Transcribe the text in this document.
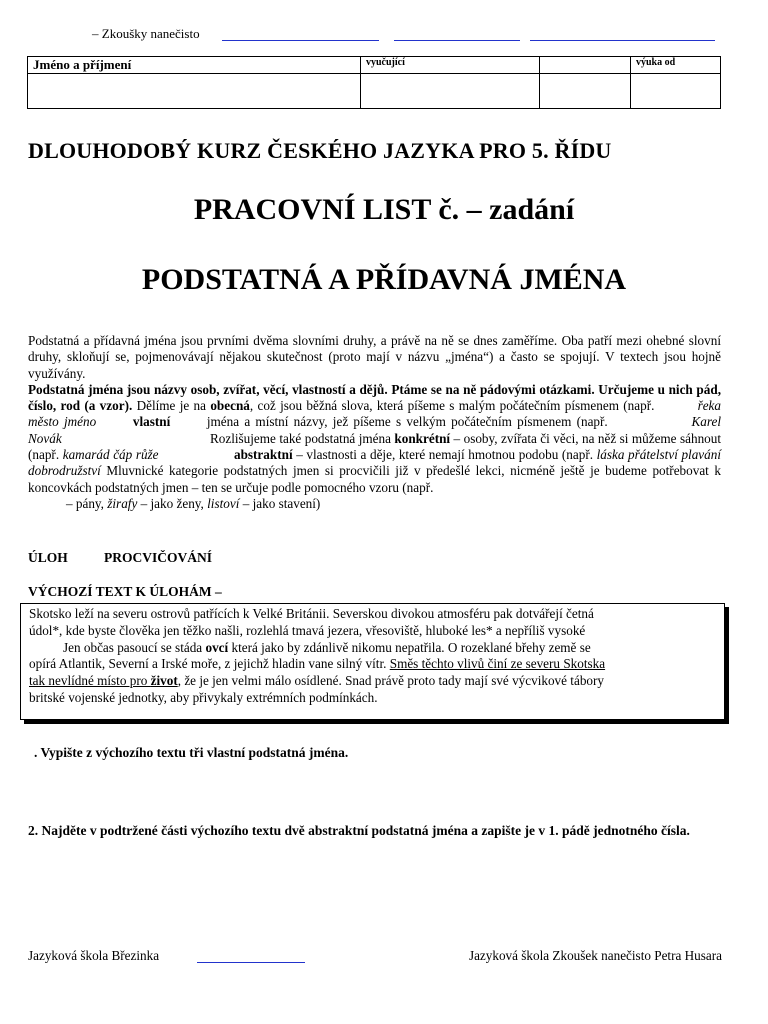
– Zkoušky nanečisto
Jméno a příjmení	vyučující		výuka od

DLOUHODOBÝ KURZ ČESKÉHO JAZYKA PRO 5. ŘÍDU
PRACOVNÍ LIST č. – zadání
PODSTATNÁ A PŘÍDAVNÁ JMÉNA

Podstatná a přídavná jména jsou prvními dvěma slovními druhy, a právě na ně se dnes zaměříme. Oba patří mezi ohebné slovní druhy, skloňují se, pojmenovávají nějakou skutečnost (proto mají v názvu „jména“) a často se spojují. V textech jsou hojně využívány.

Podstatná jména jsou názvy osob, zvířat, věcí, vlastností a dějů. Ptáme se na ně pádovými otázkami. Určujeme u nich pád, číslo, rod (a vzor). Dělíme je na obecná, což jsou běžná slova, která píšeme s malým počátečním písmenem (např.	řeka město jméno	vlastní	jména a místní názvy, jež píšeme s velkým počátečním písmenem (např.	Karel Novák	Rozlišujeme také podstatná jména konkrétní – osoby, zvířata či věci, na něž si můžeme sáhnout (např. kamarád čáp růže	abstraktní – vlastnosti a děje, které nemají hmotnou podobu (např. láska přátelství plavání dobrodružství Mluvnické kategorie podstatných jmen si procvičili jiz̆ v předešlé lekci, nicméně ještě je budeme potřebovat k koncovkách podstatných jmen – ten se určuje podle pomocného vzoru (např.

– pány, žirafy – jako ženy, listoví – jako stavení)

ÚLOH	PROCVIČOVÁNÍ
VÝCHOZÍ TEXT K ÚLOHÁM –

Skotsko leží na severu ostrovů patřících k Velké Británii. Severskou divokou atmosféru pak dotvářejí četná

údol*, kde byste člověka jen těžko našli, rozlehlá tmavá jezera, vřesoviště, hluboké les* a nepříliš vysoké

Jen občas pasoucí se stáda ovcí která jako by zdánlivě nikomu nepatřila. O rozeklané břehy země se

opírá Atlantik, Severní a Irské moře, z jejichž hladin vane silný vítr. Směs těchto vlivů činí ze severu Skotska

tak nevlídné místo pro život, že je jen velmi málo osídlené. Snad právě proto tady mají své výcvikové tábory

britské vojenské jednotky, aby přivykaly extrémních podmínkách.

. Vypište z výchozího textu tři vlastní podstatná jména.
2. Najděte v podtržené části výchozího textu dvě abstraktní podstatná jména a zapište je v 1. pádě jednotného čísla.
Jazyková škola Březinka	Jazyková škola Zkoušek nanečisto Petra Husara
